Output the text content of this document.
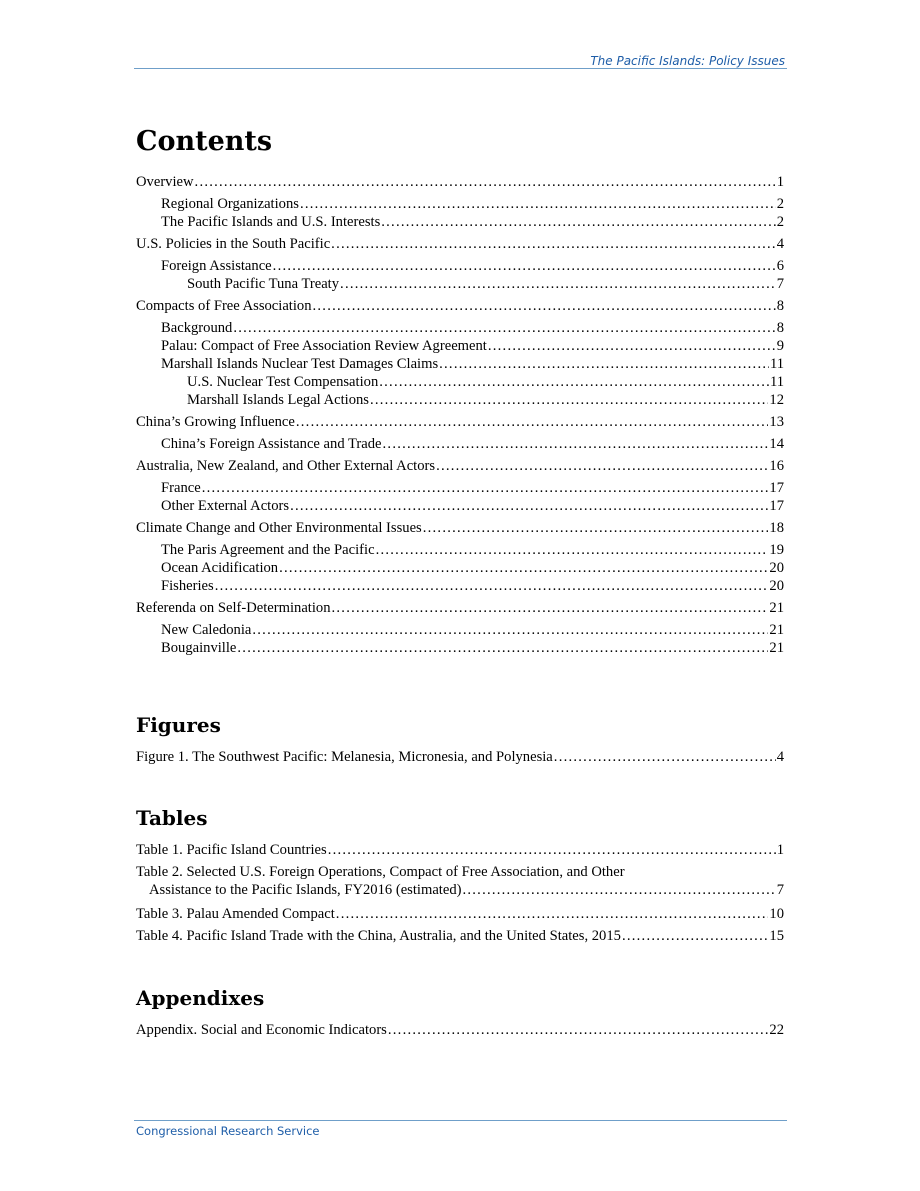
The Pacific Islands: Policy Issues
Contents
Overview . . .	1
Regional Organizations . . .	2
The Pacific Islands and U.S. Interests . . .	2
U.S. Policies in the South Pacific . . .	4
Foreign Assistance . . .	6
South Pacific Tuna Treaty . . .	7
Compacts of Free Association . . .	8
Background . . .	8
Palau: Compact of Free Association Review Agreement . . .	9
Marshall Islands Nuclear Test Damages Claims . . .	11
U.S. Nuclear Test Compensation . . .	11
Marshall Islands Legal Actions . . .	12
China’s Growing Influence . . .	13
China’s Foreign Assistance and Trade . . .	14
Australia, New Zealand, and Other External Actors . . .	16
France . . .	17
Other External Actors . . .	17
Climate Change and Other Environmental Issues . . .	18
The Paris Agreement and the Pacific . . .	19
Ocean Acidification . . .	20
Fisheries . . .	20
Referenda on Self-Determination . . .	21
New Caledonia . . .	21
Bougainville . . .	21
Figures
Figure 1. The Southwest Pacific: Melanesia, Micronesia, and Polynesia . . .	4
Tables
Table 1. Pacific Island Countries . . .	1
Table 2. Selected U.S. Foreign Operations, Compact of Free Association, and Other
Assistance to the Pacific Islands, FY2016 (estimated) . . .	7
Table 3. Palau Amended Compact . . .	10
Table 4. Pacific Island Trade with the China, Australia, and the United States, 2015 . . .	15
Appendixes
Appendix. Social and Economic Indicators . . .	22
Congressional Research Service
